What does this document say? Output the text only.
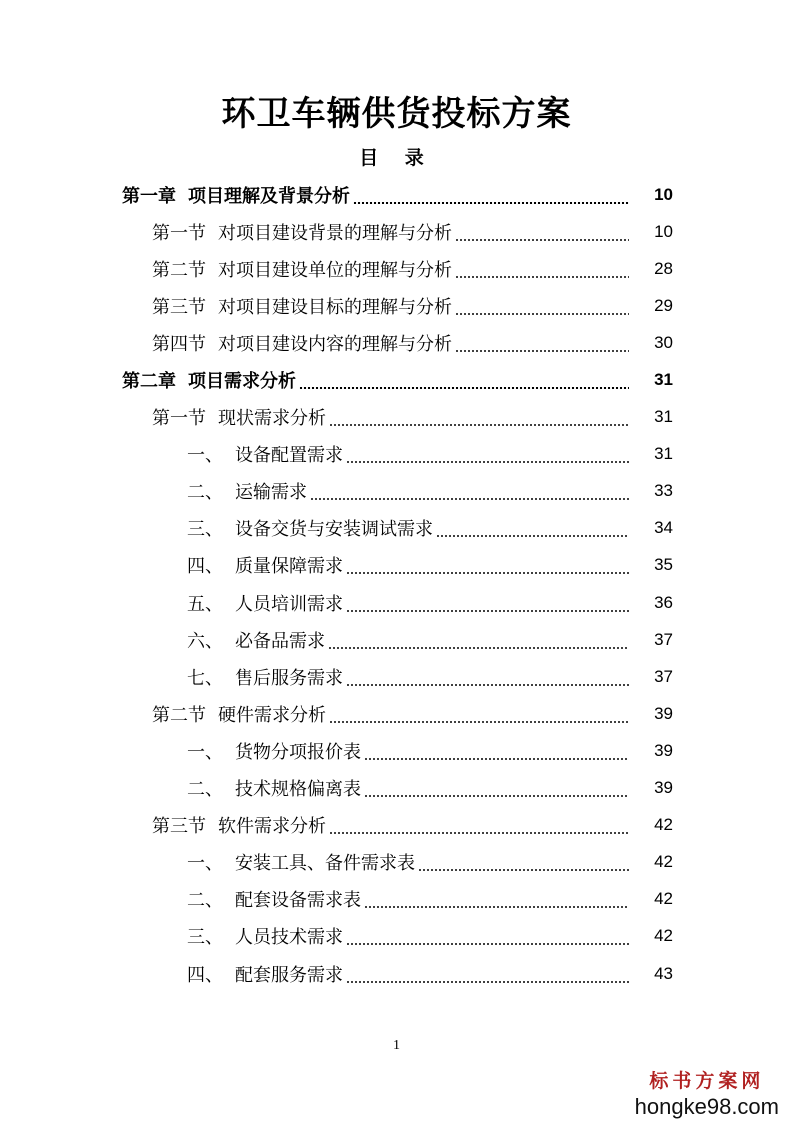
环卫车辆供货投标方案
目 录
第一章 项目理解及背景分析	10
第一节 对项目建设背景的理解与分析	10
第二节 对项目建设单位的理解与分析	28
第三节 对项目建设目标的理解与分析	29
第四节 对项目建设内容的理解与分析	30
第二章 项目需求分析	31
第一节 现状需求分析	31
一、 设备配置需求	31
二、 运输需求	33
三、 设备交货与安装调试需求	34
四、 质量保障需求	35
五、 人员培训需求	36
六、 必备品需求	37
七、 售后服务需求	37
第二节 硬件需求分析	39
一、 货物分项报价表	39
二、 技术规格偏离表	39
第三节 软件需求分析	42
一、 安装工具、备件需求表	42
二、 配套设备需求表	42
三、 人员技术需求	42
四、 配套服务需求	43
1
标书方案网
hongke98.com
